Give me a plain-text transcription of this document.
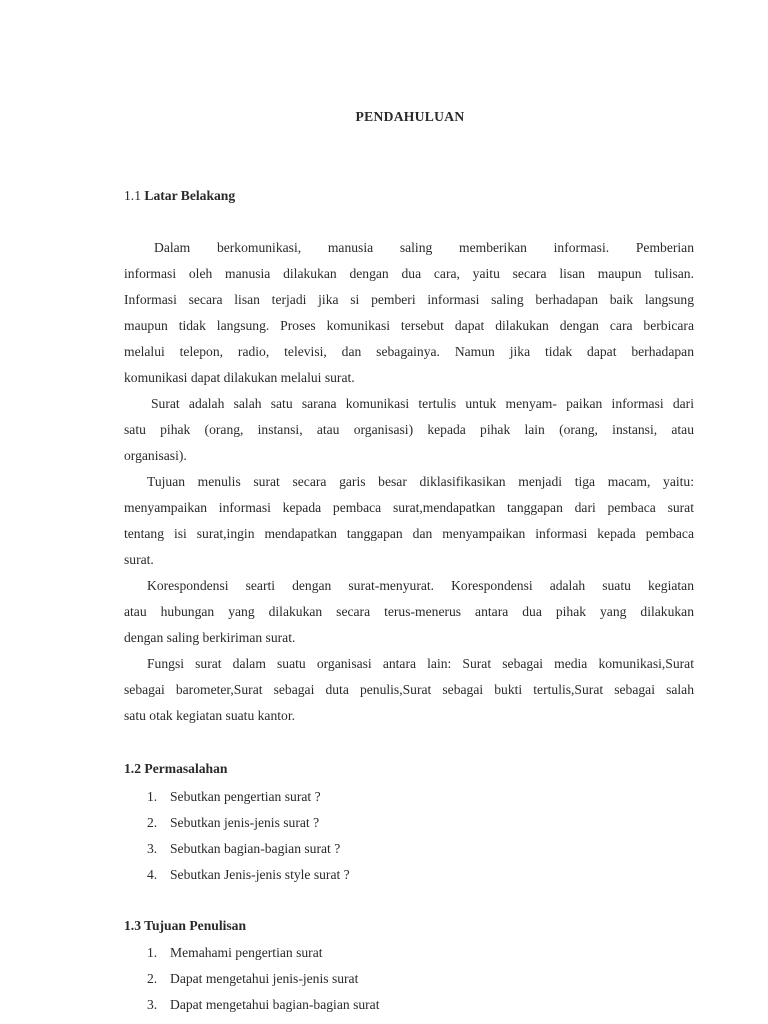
PENDAHULUAN
1.1 Latar Belakang
Dalam berkomunikasi, manusia saling memberikan informasi. Pemberian
informasi oleh manusia dilakukan dengan dua cara, yaitu secara lisan maupun tulisan.
Informasi secara lisan terjadi jika si pemberi informasi saling berhadapan baik langsung
maupun tidak langsung. Proses komunikasi tersebut dapat dilakukan dengan cara berbicara
melalui telepon, radio, televisi, dan sebagainya. Namun jika tidak dapat berhadapan
komunikasi dapat dilakukan melalui surat.
Surat adalah salah satu sarana komunikasi tertulis untuk menyam- paikan informasi dari
satu pihak (orang, instansi, atau organisasi) kepada pihak lain (orang, instansi, atau
organisasi).
Tujuan menulis surat secara garis besar diklasifikasikan menjadi tiga macam, yaitu:
menyampaikan informasi kepada pembaca surat,mendapatkan tanggapan dari pembaca surat
tentang isi surat,ingin mendapatkan tanggapan dan menyampaikan informasi kepada pembaca
surat.
Korespondensi searti dengan surat-menyurat. Korespondensi adalah suatu kegiatan
atau hubungan yang dilakukan secara terus-menerus antara dua pihak yang dilakukan
dengan saling berkiriman surat.
Fungsi surat dalam suatu organisasi antara lain: Surat sebagai media komunikasi,Surat
sebagai barometer,Surat sebagai duta penulis,Surat sebagai bukti tertulis,Surat sebagai salah
satu otak kegiatan suatu kantor.
1.2 Permasalahan
1. Sebutkan pengertian surat ?
2. Sebutkan jenis-jenis surat ?
3. Sebutkan bagian-bagian surat ?
4. Sebutkan Jenis-jenis style surat ?
1.3 Tujuan Penulisan
1. Memahami pengertian surat
2. Dapat mengetahui jenis-jenis surat
3. Dapat mengetahui bagian-bagian surat
